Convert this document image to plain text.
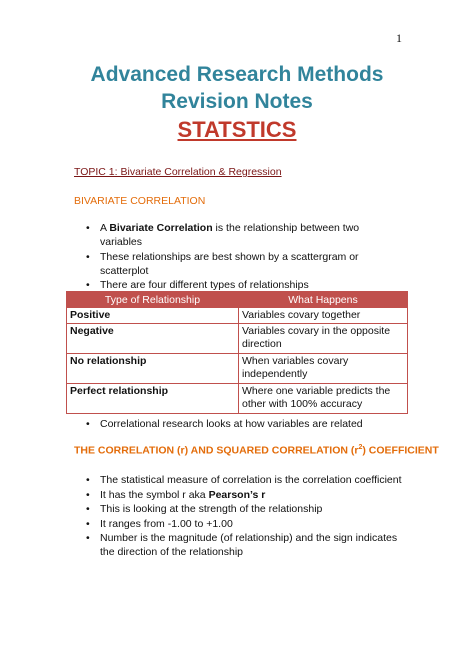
1
Advanced Research Methods
Revision Notes
STATSTICS
TOPIC 1: Bivariate Correlation & Regression
BIVARIATE CORRELATION
• A Bivariate Correlation is the relationship between two variables
• These relationships are best shown by a scattergram or scatterplot
• There are four different types of relationships
Type of Relationship	What Happens
Positive	Variables covary together
Negative	Variables covary in the opposite direction
No relationship	When variables covary independently
Perfect relationship	Where one variable predicts the other with 100% accuracy
• Correlational research looks at how variables are related
THE CORRELATION (r) AND SQUARED CORRELATION $(r^2)$ COEFFICIENT
• The statistical measure of correlation is the correlation coefficient
• It has the symbol r aka Pearson’s r
• This is looking at the strength of the relationship
• It ranges from -1.00 to +1.00
• Number is the magnitude (of relationship) and the sign indicates the direction of the relationship
